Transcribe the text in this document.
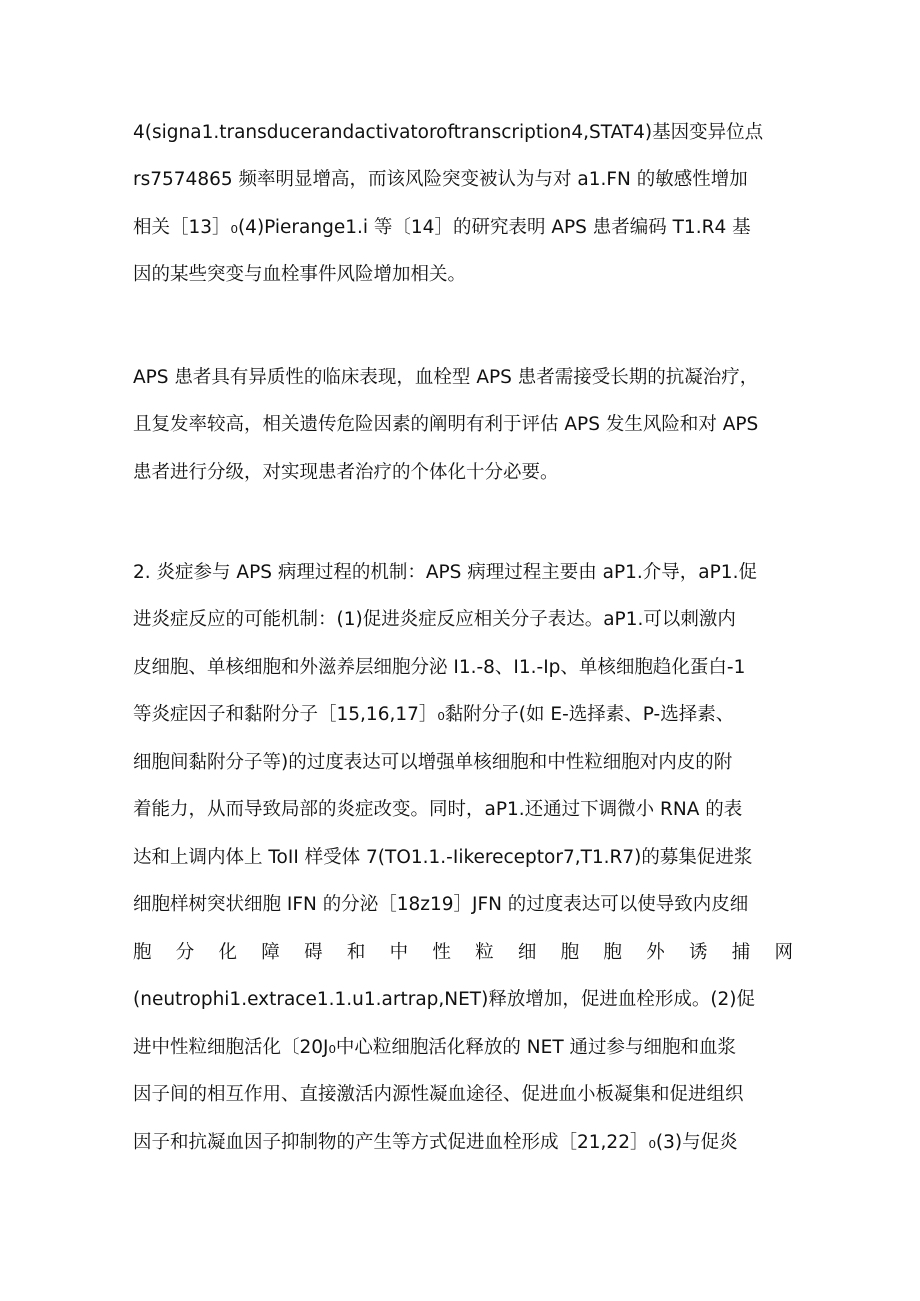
4(signa1.transducerandactivatoroftranscription4,STAT4)基因变异位点
rs7574865 频率明显增高，而该风险突变被认为与对 a1.FN 的敏感性增加
相关［13］₀(4)Pierange1.i 等〔14］的研究表明 APS 患者编码 T1.R4 基
因的某些突变与血栓事件风险增加相关。
APS 患者具有异质性的临床表现，血栓型 APS 患者需接受长期的抗凝治疗，
且复发率较高，相关遗传危险因素的阐明有利于评估 APS 发生风险和对 APS
患者进行分级，对实现患者治疗的个体化十分必要。
2. 炎症参与 APS 病理过程的机制：APS 病理过程主要由 aP1.介导，aP1.促
进炎症反应的可能机制：(1)促进炎症反应相关分子表达。aP1.可以刺激内
皮细胞、单核细胞和外滋养层细胞分泌 I1.-8、I1.-Ip、单核细胞趋化蛋白-1
等炎症因子和黏附分子［15,16,17］₀黏附分子(如 E-选择素、P-选择素、
细胞间黏附分子等)的过度表达可以增强单核细胞和中性粒细胞对内皮的附
着能力，从而导致局部的炎症改变。同时，aP1.还通过下调微小 RNA 的表
达和上调内体上 ToII 样受体 7(TO1.1.-Iikereceptor7,T1.R7)的募集促进浆
细胞样树突状细胞 IFN 的分泌［18z19］JFN 的过度表达可以使导致内皮细
胞 分 化 障 碍 和 中 性 粒 细 胞 胞 外 诱 捕 网
(neutrophi1.extrace1.1.u1.artrap,NET)释放增加，促进血栓形成。(2)促
进中性粒细胞活化〔20J₀中心粒细胞活化释放的 NET 通过参与细胞和血浆
因子间的相互作用、直接激活内源性凝血途径、促进血小板凝集和促进组织
因子和抗凝血因子抑制物的产生等方式促进血栓形成［21,22］₀(3)与促炎
